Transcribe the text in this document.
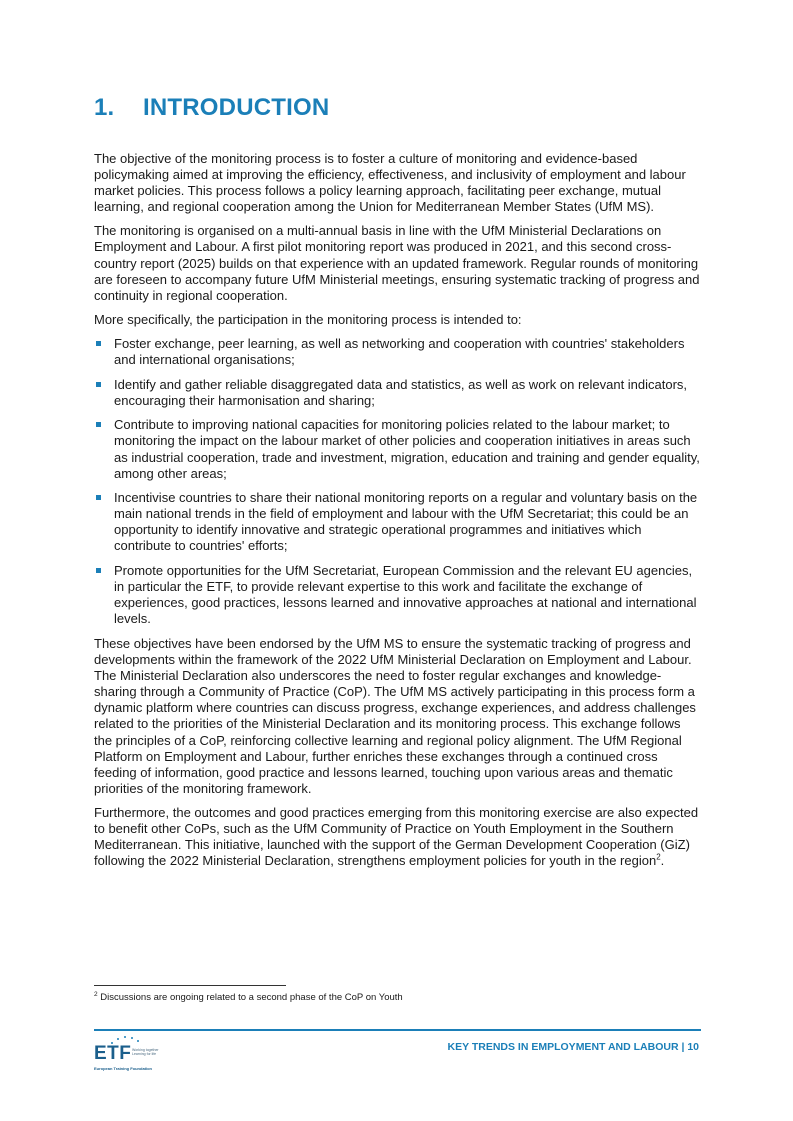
1. INTRODUCTION

The objective of the monitoring process is to foster a culture of monitoring and evidence-based policymaking aimed at improving the efficiency, effectiveness, and inclusivity of employment and labour market policies. This process follows a policy learning approach, facilitating peer exchange, mutual learning, and regional cooperation among the Union for Mediterranean Member States (UfM MS).

The monitoring is organised on a multi-annual basis in line with the UfM Ministerial Declarations on Employment and Labour. A first pilot monitoring report was produced in 2021, and this second cross-country report (2025) builds on that experience with an updated framework. Regular rounds of monitoring are foreseen to accompany future UfM Ministerial meetings, ensuring systematic tracking of progress and continuity in regional cooperation.

More specifically, the participation in the monitoring process is intended to:

Foster exchange, peer learning, as well as networking and cooperation with countries' stakeholders and international organisations;
Identify and gather reliable disaggregated data and statistics, as well as work on relevant indicators, encouraging their harmonisation and sharing;
Contribute to improving national capacities for monitoring policies related to the labour market; to monitoring the impact on the labour market of other policies and cooperation initiatives in areas such as industrial cooperation, trade and investment, migration, education and training and gender equality, among other areas;
Incentivise countries to share their national monitoring reports on a regular and voluntary basis on the main national trends in the field of employment and labour with the UfM Secretariat; this could be an opportunity to identify innovative and strategic operational programmes and initiatives which contribute to countries' efforts;
Promote opportunities for the UfM Secretariat, European Commission and the relevant EU agencies, in particular the ETF, to provide relevant expertise to this work and facilitate the exchange of experiences, good practices, lessons learned and innovative approaches at national and international levels.

These objectives have been endorsed by the UfM MS to ensure the systematic tracking of progress and developments within the framework of the 2022 UfM Ministerial Declaration on Employment and Labour. The Ministerial Declaration also underscores the need to foster regular exchanges and knowledge-sharing through a Community of Practice (CoP). The UfM MS actively participating in this process form a dynamic platform where countries can discuss progress, exchange experiences, and address challenges related to the priorities of the Ministerial Declaration and its monitoring process. This exchange follows the principles of a CoP, reinforcing collective learning and regional policy alignment. The UfM Regional Platform on Employment and Labour, further enriches these exchanges through a continued cross feeding of information, good practice and lessons learned, touching upon various areas and thematic priorities of the monitoring framework.

Furthermore, the outcomes and good practices emerging from this monitoring exercise are also expected to benefit other CoPs, such as the UfM Community of Practice on Youth Employment in the Southern Mediterranean. This initiative, launched with the support of the German Development Cooperation (GiZ) following the 2022 Ministerial Declaration, strengthens employment policies for youth in the region$^2$.

$^2$ Discussions are ongoing related to a second phase of the CoP on Youth
ETF Working together Learning for life
European Training Foundation
KEY TRENDS IN EMPLOYMENT AND LABOUR | 10
